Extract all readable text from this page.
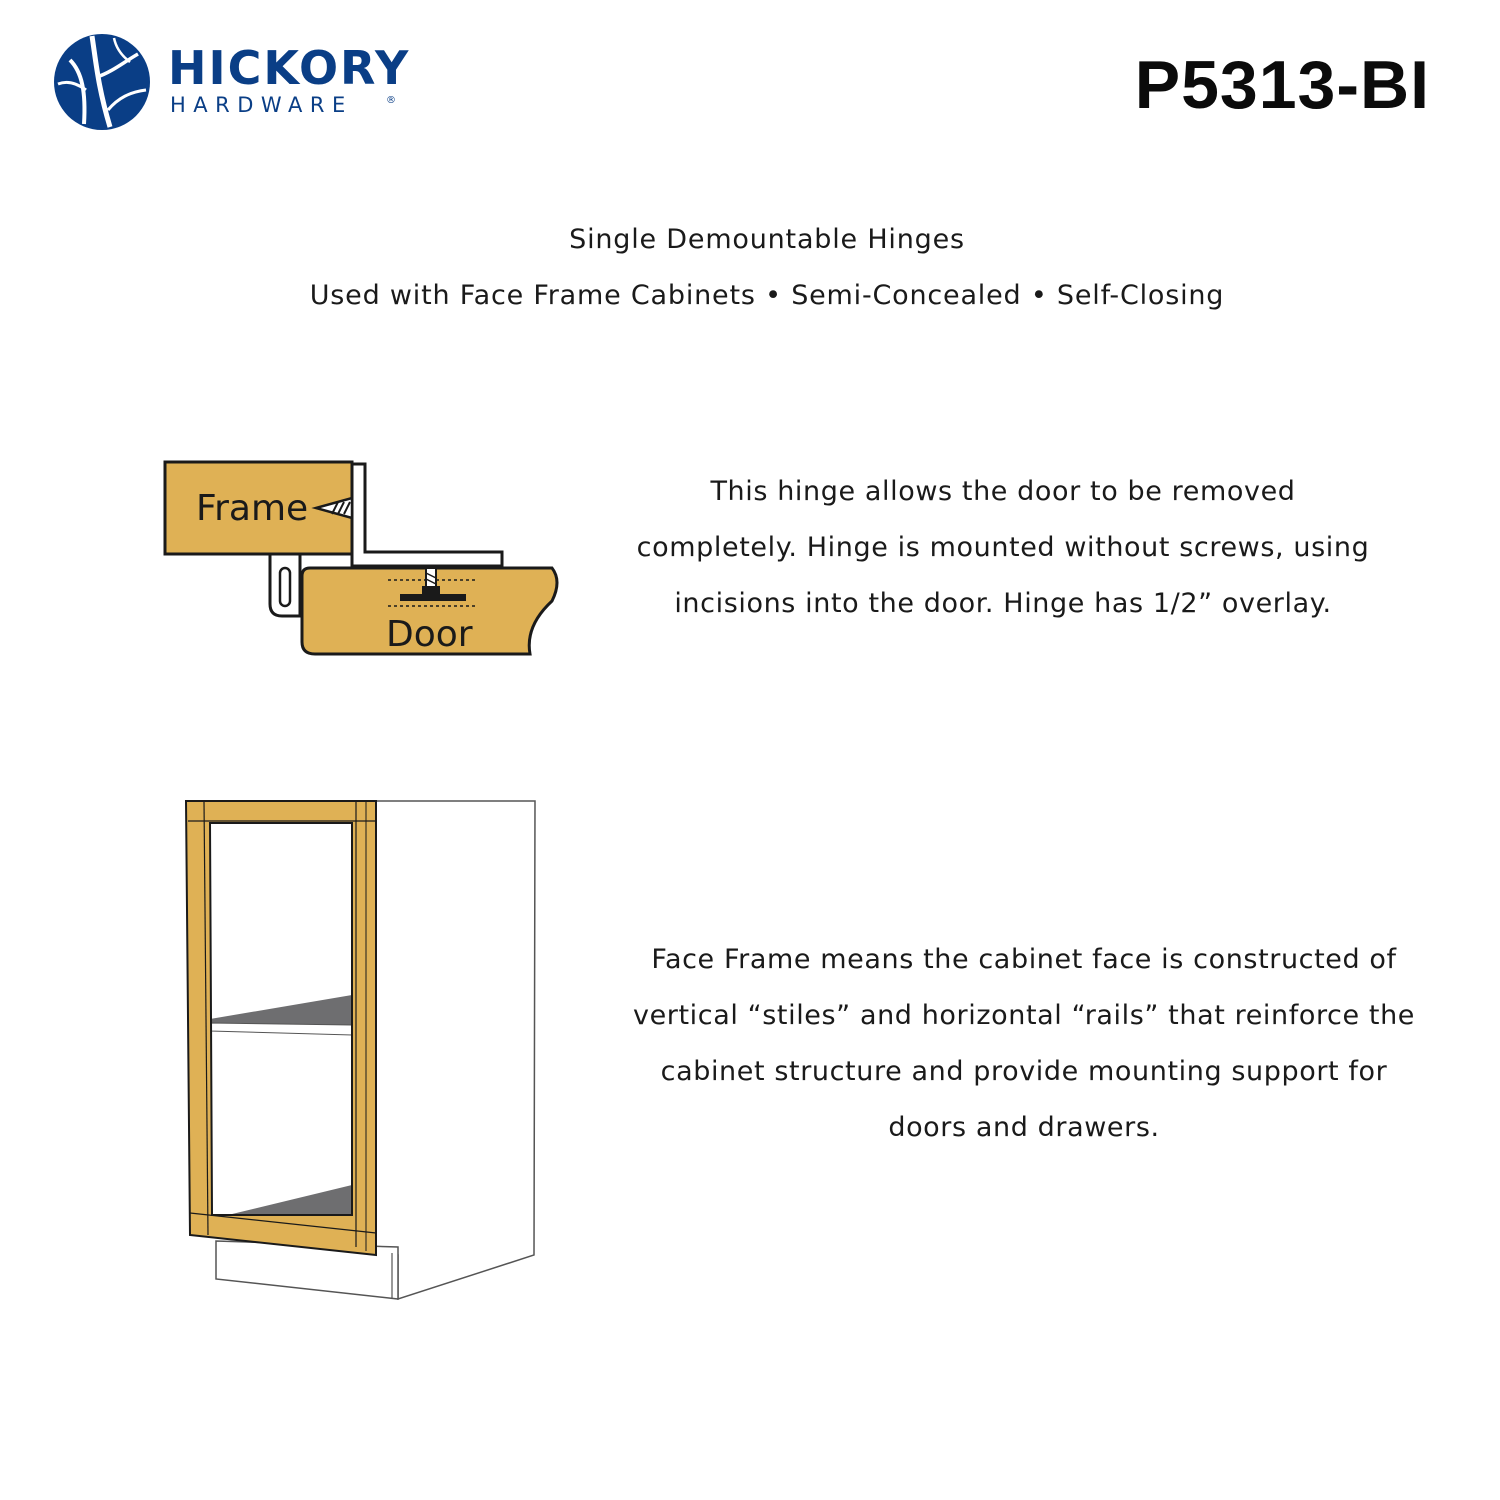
HICKORY
HARDWARE	®	P5313-BI
Single Demountable Hinges
Used with Face Frame Cabinets • Semi-Concealed • Self-Closing
Frame
Door
This hinge allows the door to be removed completely. Hinge is mounted without screws, using incisions into the door. Hinge has 1/2” overlay.
Face Frame means the cabinet face is constructed of vertical “stiles” and horizontal “rails” that reinforce the cabinet structure and provide mounting support for doors and drawers.
